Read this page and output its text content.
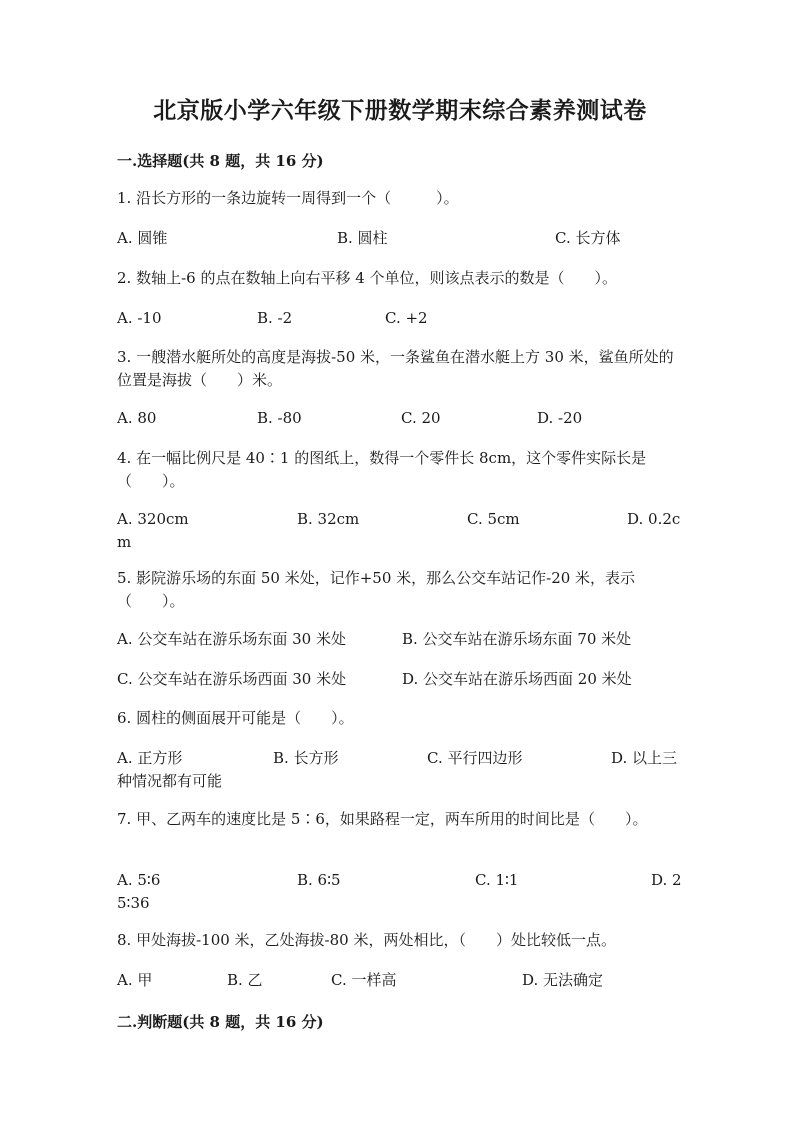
北京版小学六年级下册数学期末综合素养测试卷
一.选择题(共 8 题，共 16 分)
1. 沿长方形的一条边旋转一周得到一个（　　　）。
A. 圆锥	B. 圆柱	C. 长方体
2. 数轴上-6 的点在数轴上向右平移 4 个单位，则该点表示的数是（　　）。
A. -10	B. -2	C. +2
3. 一艘潜水艇所处的高度是海拔-50 米，一条鲨鱼在潜水艇上方 30 米，鲨鱼所处的位置是海拔（　　）米。
A. 80	B. -80	C. 20	D. -20
4. 在一幅比例尺是 40∶1 的图纸上，数得一个零件长 8cm，这个零件实际长是（　　）。
A. 320cm	B. 32cm	C. 5cm	D. 0.2c
m
5. 影院游乐场的东面 50 米处，记作+50 米，那么公交车站记作-20 米，表示（　　）。
A. 公交车站在游乐场东面 30 米处	B. 公交车站在游乐场东面 70 米处
C. 公交车站在游乐场西面 30 米处	D. 公交车站在游乐场西面 20 米处
6. 圆柱的侧面展开可能是（　　）。
A. 正方形	B. 长方形	C. 平行四边形	D. 以上三
种情况都有可能
7. 甲、乙两车的速度比是 5∶6，如果路程一定，两车所用的时间比是（　　）。
A. 5∶6	B. 6∶5	C. 1∶1	D. 2
5∶36
8. 甲处海拔-100 米，乙处海拔-80 米，两处相比，（　　）处比较低一点。
A. 甲	B. 乙	C. 一样高	D. 无法确定
二.判断题(共 8 题，共 16 分)
